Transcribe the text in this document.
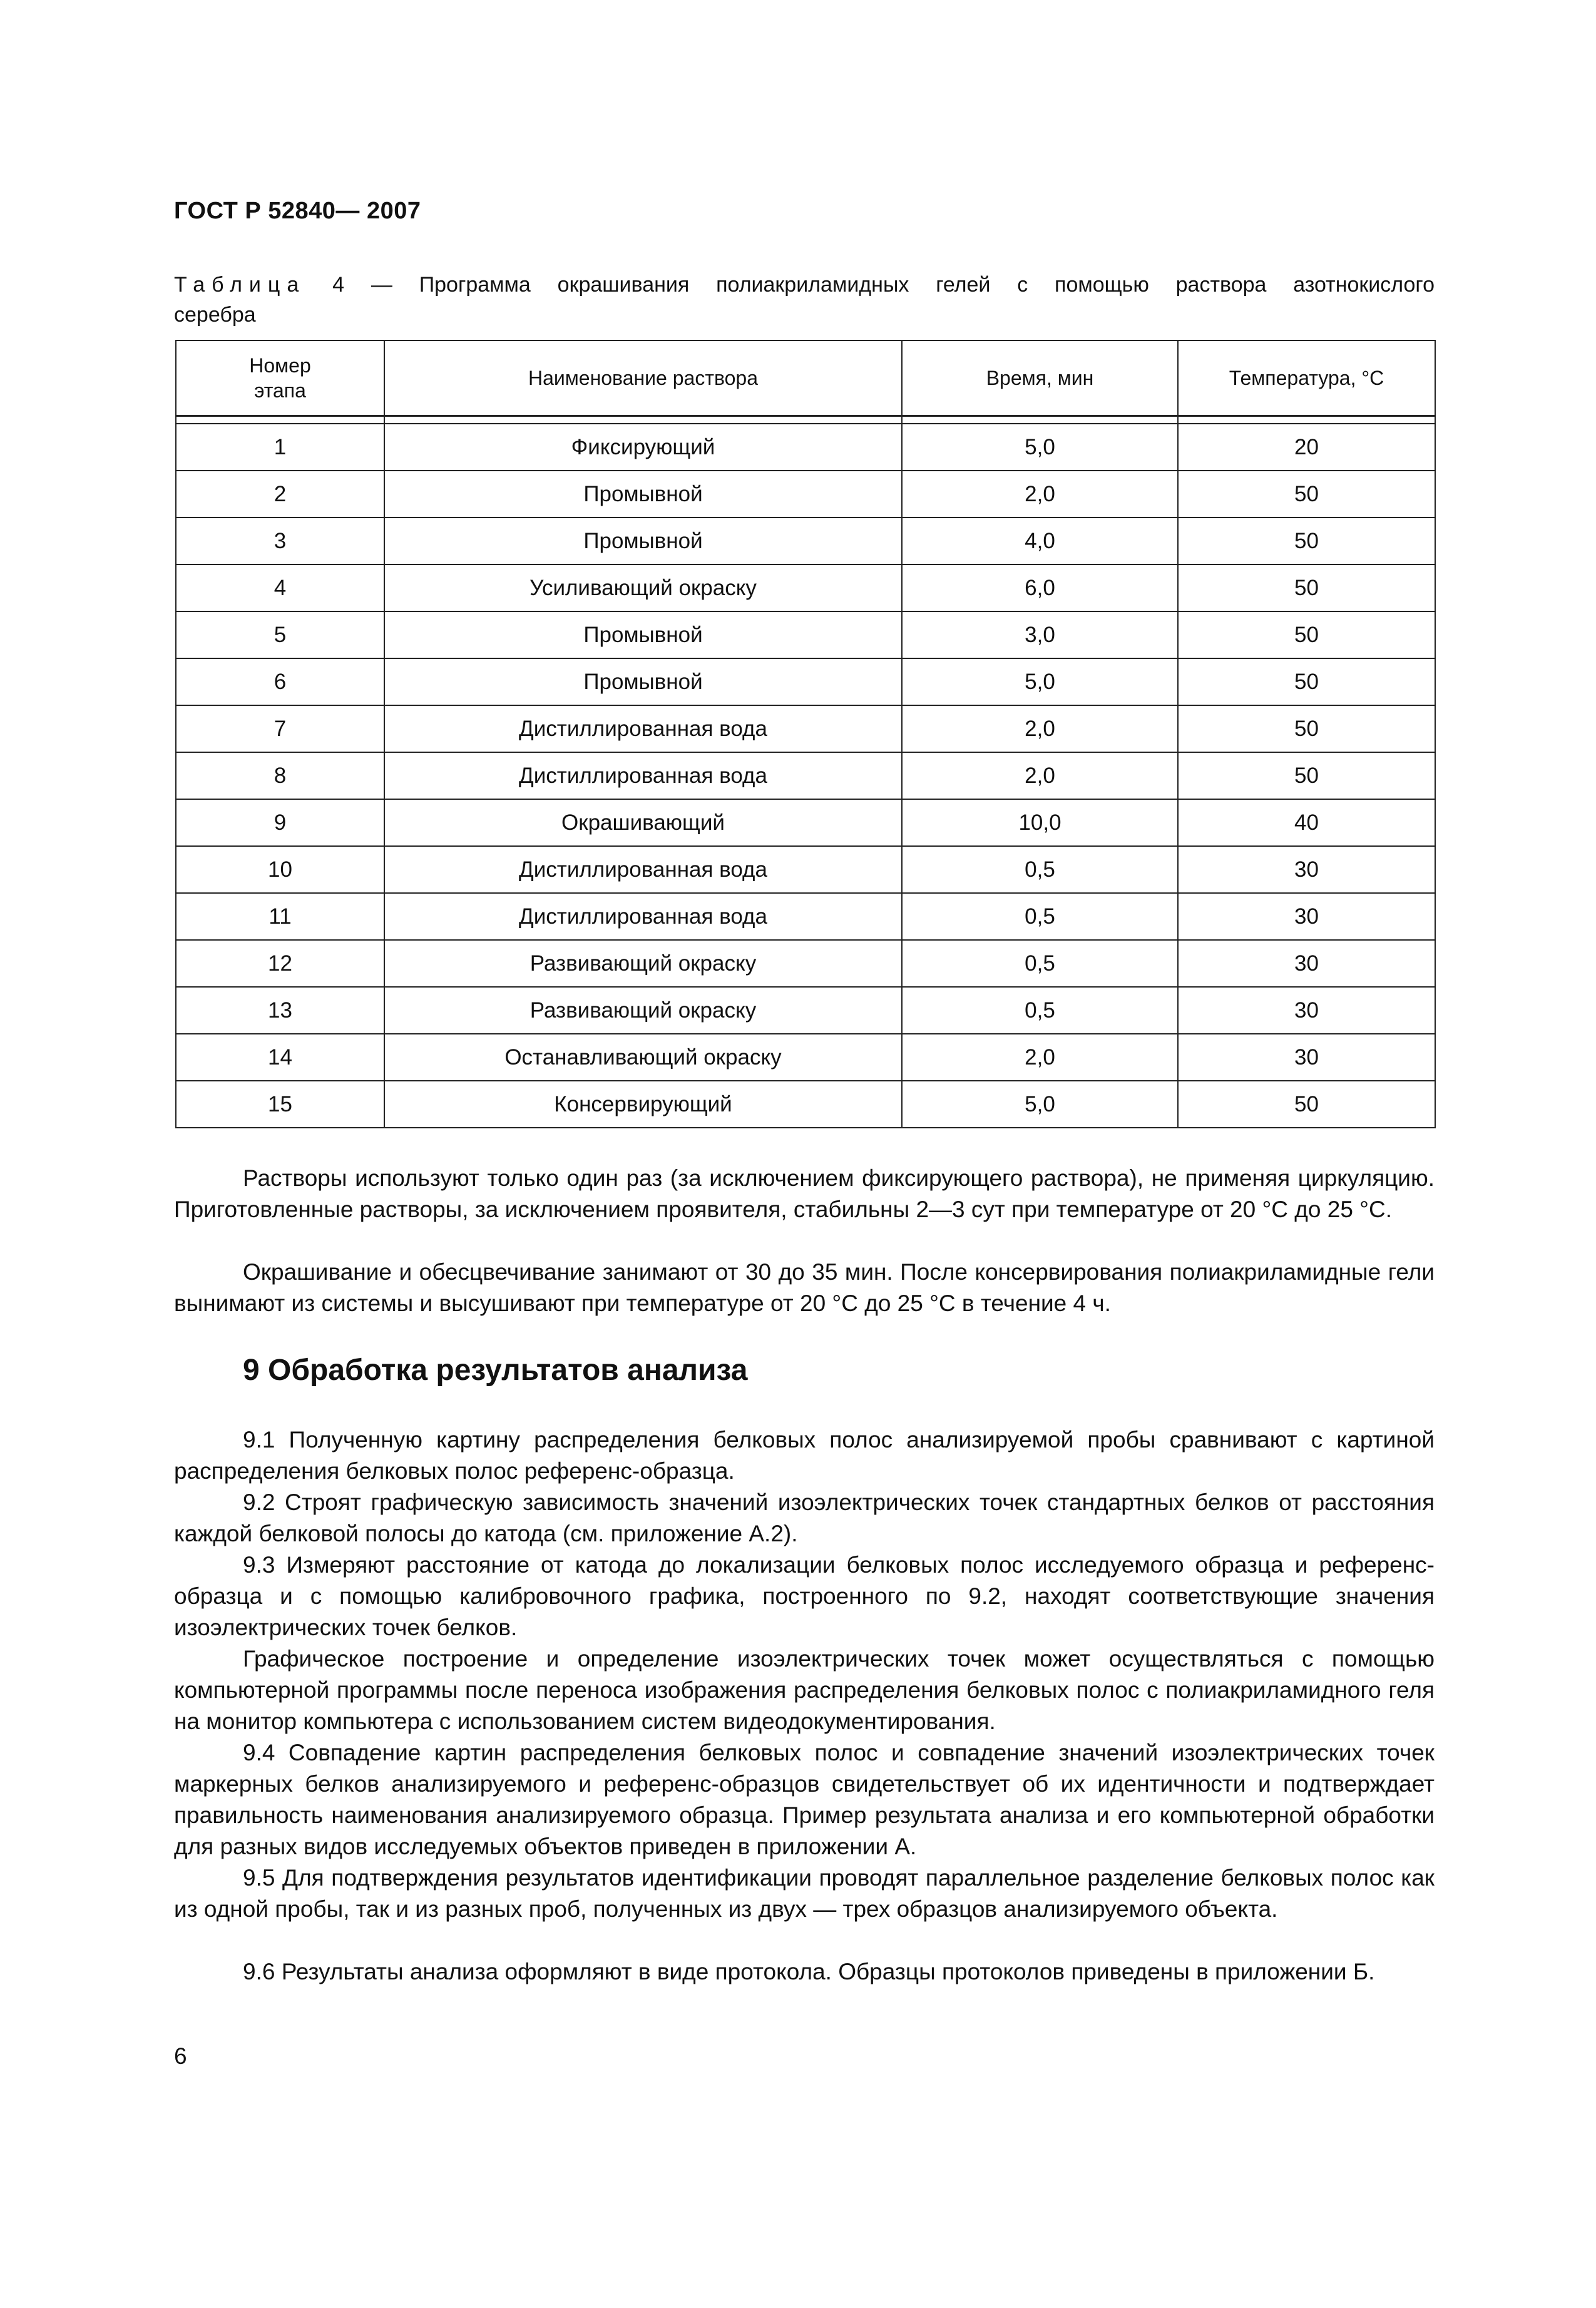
ГОСТ Р 52840— 2007
Таблица 4 — Программа окрашивания полиакриламидных гелей с помощью раствора азотнокислого
серебра
Номер этапа	Наименование раствора	Время, мин	Температура, °С

1	Фиксирующий	5,0	20
2	Промывной	2,0	50
3	Промывной	4,0	50
4	Усиливающий окраску	6,0	50
5	Промывной	3,0	50
6	Промывной	5,0	50
7	Дистиллированная вода	2,0	50
8	Дистиллированная вода	2,0	50
9	Окрашивающий	10,0	40
10	Дистиллированная вода	0,5	30
11	Дистиллированная вода	0,5	30
12	Развивающий окраску	0,5	30
13	Развивающий окраску	0,5	30
14	Останавливающий окраску	2,0	30
15	Консервирующий	5,0	50
Растворы используют только один раз (за исключением фиксирующего раствора), не применяя циркуляцию. Приготовленные растворы, за исключением проявителя, стабильны 2—3 сут при температуре от 20 °С до 25 °С.
Окрашивание и обесцвечивание занимают от 30 до 35 мин. После консервирования полиакриламидные гели вынимают из системы и высушивают при температуре от 20 °С до 25 °С в течение 4 ч.
9 Обработка результатов анализа
9.1 Полученную картину распределения белковых полос анализируемой пробы сравнивают с картиной распределения белковых полос референс-образца.
9.2 Строят графическую зависимость значений изоэлектрических точек стандартных белков от расстояния каждой белковой полосы до катода (см. приложение А.2).
9.3 Измеряют расстояние от катода до локализации белковых полос исследуемого образца и референс-образца и с помощью калибровочного графика, построенного по 9.2, находят соответствующие значения изоэлектрических точек белков.
Графическое построение и определение изоэлектрических точек может осуществляться с помощью компьютерной программы после переноса изображения распределения белковых полос с полиакриламидного геля на монитор компьютера с использованием систем видеодокументирования.
9.4 Совпадение картин распределения белковых полос и совпадение значений изоэлектрических точек маркерных белков анализируемого и референс-образцов свидетельствует об их идентичности и подтверждает правильность наименования анализируемого образца. Пример результата анализа и его компьютерной обработки для разных видов исследуемых объектов приведен в приложении А.
9.5 Для подтверждения результатов идентификации проводят параллельное разделение белковых полос как из одной пробы, так и из разных проб, полученных из двух — трех образцов анализируемого объекта.
9.6 Результаты анализа оформляют в виде протокола. Образцы протоколов приведены в приложении Б.
6
